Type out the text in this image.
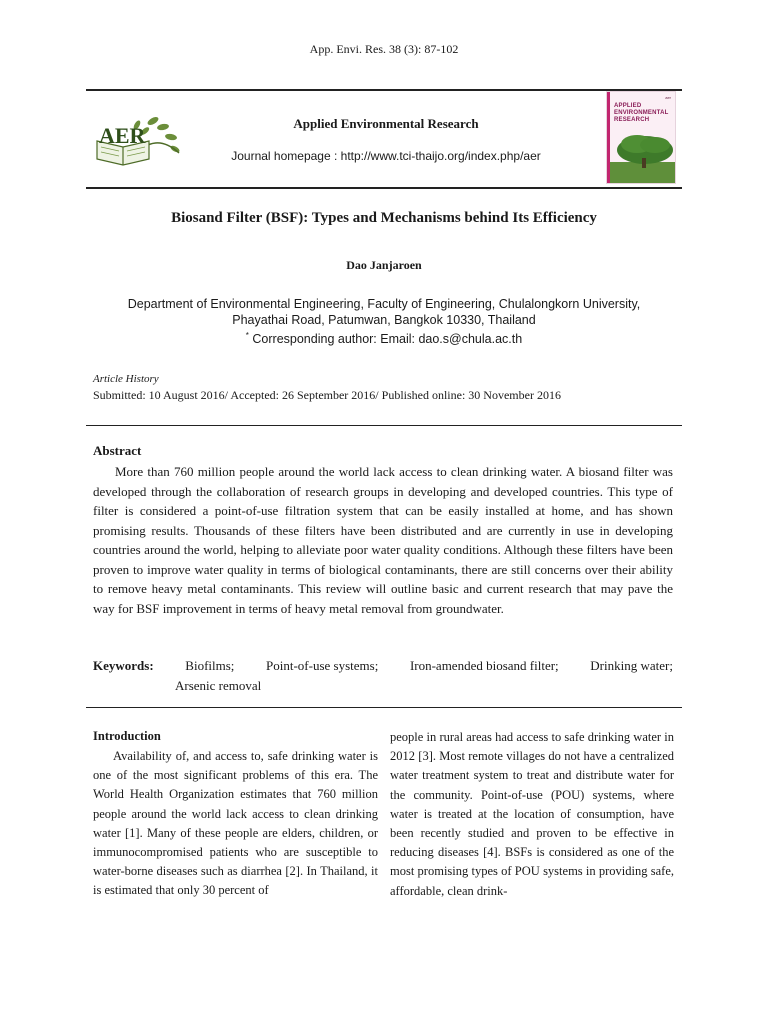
App. Envi. Res. 38 (3): 87-102
AER	Applied Environmental Research
Journal homepage : http://www.tci-thaijo.org/index.php/aer
aer
APPLIED
ENVIRONMENTAL
RESEARCH
Biosand Filter (BSF): Types and Mechanisms behind Its Efficiency
Dao Janjaroen
Department of Environmental Engineering, Faculty of Engineering, Chulalongkorn University,
Phayathai Road, Patumwan, Bangkok 10330, Thailand
* Corresponding author: Email: dao.s@chula.ac.th
Article History
Submitted: 10 August 2016/ Accepted: 26 September 2016/ Published online: 30 November 2016
Abstract

More than 760 million people around the world lack access to clean drinking water. A biosand filter was developed through the collaboration of research groups in developing and developed countries. This type of filter is considered a point-of-use filtration system that can be easily installed at home, and has shown promising results. Thousands of these filters have been distributed and are currently in use in developing countries around the world, helping to alleviate poor water quality conditions. Although these filters have been proven to improve water quality in terms of biological contaminants, there are still concerns over their ability to remove heavy metal contaminants. This review will outline basic and current research that may pave the way for BSF improvement in terms of heavy metal removal from groundwater.

Keywords: Biofilms; Point-of-use systems; Iron-amended biosand filter; Drinking water;
Arsenic removal
Introduction

Availability of, and access to, safe drinking water is one of the most significant problems of this era. The World Health Organization estimates that 760 million people around the world lack access to clean drinking water [1]. Many of these people are elders, children, or immunocompromised patients who are susceptible to water-borne diseases such as diarrhea [2]. In Thailand, it is estimated that only 30 percent of

people in rural areas had access to safe drinking water in 2012 [3]. Most remote villages do not have a centralized water treatment system to treat and distribute water for the community. Point-of-use (POU) systems, where water is treated at the location of consumption, have been recently studied and proven to be effective in reducing diseases [4]. BSFs is considered as one of the most promising types of POU systems in providing safe, affordable, clean drink-
